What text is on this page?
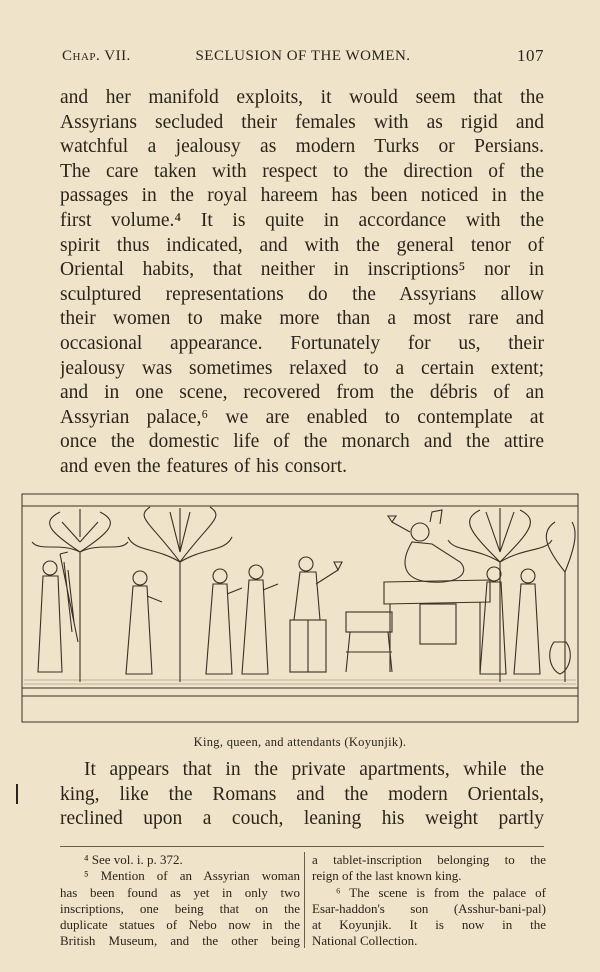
Chap. VII.	SECLUSION OF THE WOMEN.	107
and her manifold exploits, it would seem that the
Assyrians secluded their females with as rigid and
watchful a jealousy as modern Turks or Persians.
The care taken with respect to the direction of the
passages in the royal hareem has been noticed in the
first volume.⁴ It is quite in accordance with the
spirit thus indicated, and with the general tenor of
Oriental habits, that neither in inscriptions⁵ nor in
sculptured representations do the Assyrians allow
their women to make more than a most rare and
occasional appearance. Fortunately for us, their
jealousy was sometimes relaxed to a certain extent;
and in one scene, recovered from the débris of an
Assyrian palace,⁶ we are enabled to contemplate at
once the domestic life of the monarch and the attire
and even the features of his consort.
King, queen, and attendants (Koyunjik).
It appears that in the private apartments, while the
king, like the Romans and the modern Orientals,
reclined upon a couch, leaning his weight partly
⁴ See vol. i. p. 372.
⁵ Mention of an Assyrian woman
has been found as yet in only two
inscriptions, one being that on the
duplicate statues of Nebo now in the
British Museum, and the other being
a tablet-inscription belonging to the
reign of the last known king.
⁶ The scene is from the palace of
Esar-haddon's son (Asshur-bani-pal)
at Koyunjik. It is now in the
National Collection.
